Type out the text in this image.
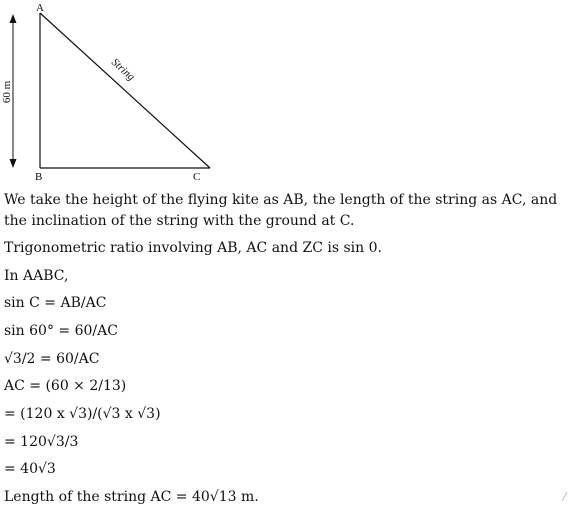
A
B	C
60 m
String
We take the height of the flying kite as AB, the length of the string as AC, and the inclination of the string with the ground at C.
Trigonometric ratio involving AB, AC and ZC is sin 0.
In AABC,
sin C = AB/AC
sin 60° = 60/AC
√3/2 = 60/AC
AC = (60 × 2/13)
= (120 x √3)/(√3 x √3)
= 120√3/3
= 40√3
Length of the string AC = 40√13 m.
